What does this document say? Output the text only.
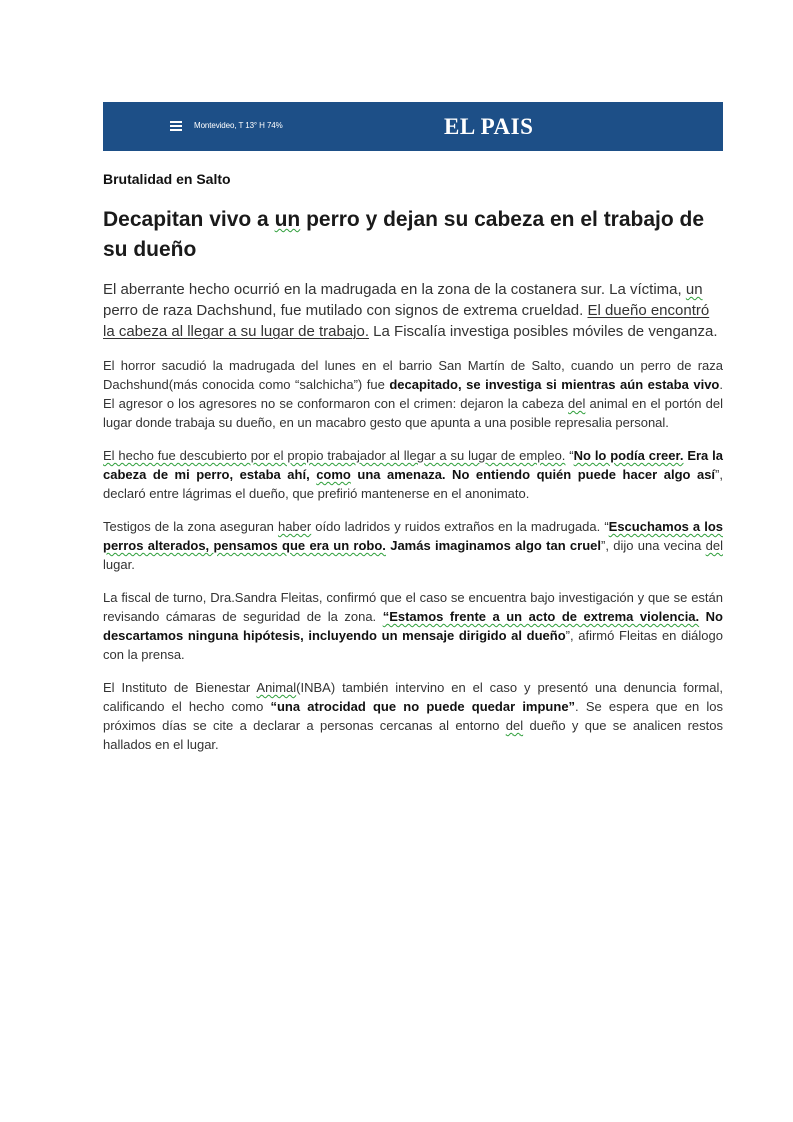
Montevideo, T 13° H 74%	EL PAIS
Brutalidad en Salto
Decapitan vivo a un perro y dejan su cabeza en el trabajo de su dueño

El aberrante hecho ocurrió en la madrugada en la zona de la costanera sur. La víctima, un perro de raza Dachshund, fue mutilado con signos de extrema crueldad. El dueño encontró la cabeza al llegar a su lugar de trabajo. La Fiscalía investiga posibles móviles de venganza.

El horror sacudió la madrugada del lunes en el barrio San Martín de Salto, cuando un perro de raza Dachshund(más conocida como “salchicha”) fue decapitado, se investiga si mientras aún estaba vivo. El agresor o los agresores no se conformaron con el crimen: dejaron la cabeza del animal en el portón del lugar donde trabaja su dueño, en un macabro gesto que apunta a una posible represalia personal.

El hecho fue descubierto por el propio trabajador al llegar a su lugar de empleo. “No lo podía creer. Era la cabeza de mi perro, estaba ahí, como una amenaza. No entiendo quién puede hacer algo así”, declaró entre lágrimas el dueño, que prefirió mantenerse en el anonimato.

Testigos de la zona aseguran haber oído ladridos y ruidos extraños en la madrugada. “Escuchamos a los perros alterados, pensamos que era un robo. Jamás imaginamos algo tan cruel”, dijo una vecina del lugar.

La fiscal de turno, Dra.Sandra Fleitas, confirmó que el caso se encuentra bajo investigación y que se están revisando cámaras de seguridad de la zona. “Estamos frente a un acto de extrema violencia. No descartamos ninguna hipótesis, incluyendo un mensaje dirigido al dueño”, afirmó Fleitas en diálogo con la prensa.

El Instituto de Bienestar Animal(INBA) también intervino en el caso y presentó una denuncia formal, calificando el hecho como “una atrocidad que no puede quedar impune”. Se espera que en los próximos días se cite a declarar a personas cercanas al entorno del dueño y que se analicen restos hallados en el lugar.
